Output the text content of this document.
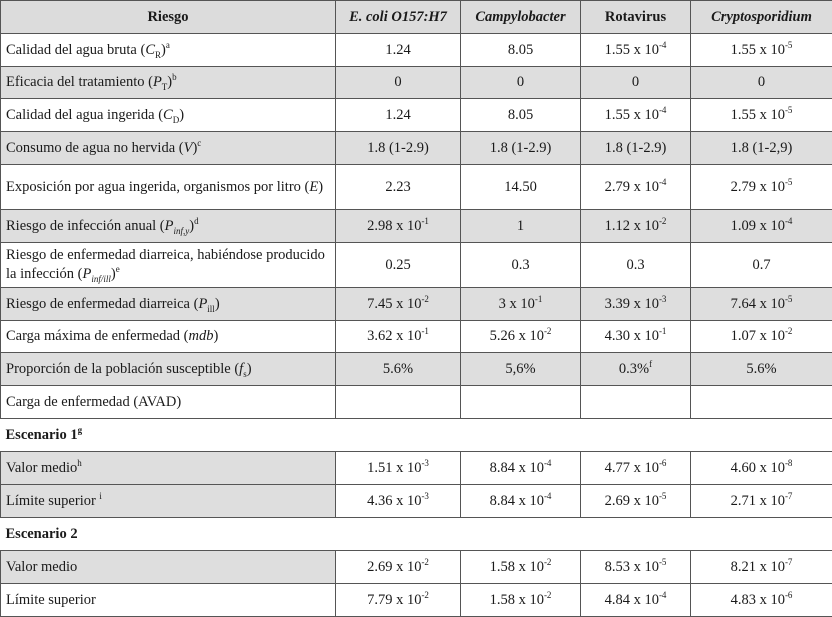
Riesgo	E. coli O157:H7	Campylobacter	Rotavirus	Cryptosporidium
Calidad del agua bruta $(C_R)^a$	1.24	8.05	1.55 x $10^{-4}$	1.55 x $10^{-5}$
Eficacia del tratamiento $(P_T)^b$	0	0	0	0
Calidad del agua ingerida $(C_D)$	1.24	8.05	1.55 x $10^{-4}$	1.55 x $10^{-5}$
Consumo de agua no hervida $(V)^c$	1.8 (1-2.9)	1.8 (1-2.9)	1.8 (1-2.9)	1.8 (1-2,9)
Exposición por agua ingerida, organismos por litro (E)	2.23	14.50	2.79 x $10^{-4}$	2.79 x $10^{-5}$
Riesgo de infección anual $(P_{inf,y})^d$	2.98 x $10^{-1}$	1	1.12 x $10^{-2}$	1.09 x $10^{-4}$
Riesgo de enfermedad diarreica, habiéndose producido la infección $(P_{inf/ill})^e$	0.25	0.3	0.3	0.7
Riesgo de enfermedad diarreica $(P_{ill})$	7.45 x $10^{-2}$	3 x $10^{-1}$	3.39 x $10^{-3}$	7.64 x $10^{-5}$
Carga máxima de enfermedad (mdb)	3.62 x $10^{-1}$	5.26 x $10^{-2}$	4.30 x $10^{-1}$	1.07 x $10^{-2}$
Proporción de la población susceptible $(f_s)$	5.6%	5,6%	0.3%$^f$	5.6%
Carga de enfermedad (AVAD)				
Escenario 1$^g$
Valor medio$^h$	1.51 x $10^{-3}$	8.84 x $10^{-4}$	4.77 x $10^{-6}$	4.60 x $10^{-8}$
Límite superior $^i$	4.36 x $10^{-3}$	8.84 x $10^{-4}$	2.69 x $10^{-5}$	2.71 x $10^{-7}$
Escenario 2				
Valor medio	2.69 x $10^{-2}$	1.58 x $10^{-2}$	8.53 x $10^{-5}$	8.21 x $10^{-7}$
Límite superior	7.79 x $10^{-2}$	1.58 x $10^{-2}$	4.84 x $10^{-4}$	4.83 x $10^{-6}$
